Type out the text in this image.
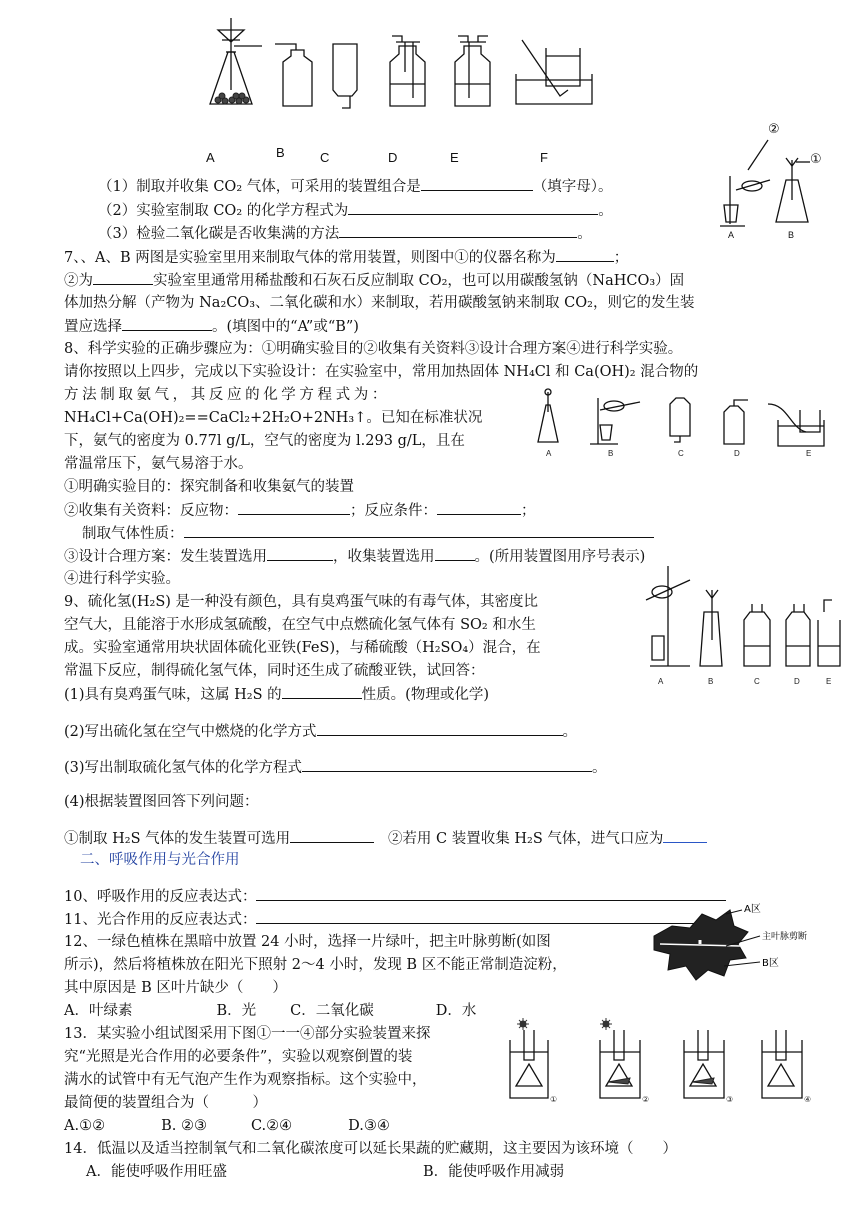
A	B	C	D	E	F
②
①
A	B
（1）制取并收集 CO₂ 气体，可采用的装置组合是	（填字母）。
（2）实验室制取 CO₂ 的化学方程式为	。
（3）检验二氧化碳是否收集满的方法	。
7、、A、B 两图是实验室里用来制取气体的常用装置，则图中①的仪器名称为	；
②为	实验室里通常用稀盐酸和石灰石反应制取 CO₂，也可以用碳酸氢钠（NaHCO₃）固
体加热分解（产物为 Na₂CO₃、二氧化碳和水）来制取，若用碳酸氢钠来制取 CO₂，则它的发生装
置应选择	。(填图中的“A”或“B”)
8、科学实验的正确步骤应为：①明确实验目的②收集有关资料③设计合理方案④进行科学实验。
请你按照以上四步，完成以下实验设计：在实验室中，常用加热固体 NH₄Cl 和 Ca(OH)₂ 混合物的
方 法 制 取 氨 气 ， 其 反 应 的 化 学 方 程 式 为 ：
NH₄Cl+Ca(OH)₂==CaCl₂+2H₂O+2NH₃↑。已知在标准状况
下，氨气的密度为 0.77l g/L，空气的密度为 l.293 g/L，且在
常温常压下，氨气易溶于水。
A	B	C	D	E
①明确实验目的：探究制备和收集氨气的装置
②收集有关资料：反应物：	；反应条件：	；
制取气体性质：
③设计合理方案：发生装置选用	，收集装置选用	。(所用装置图用序号表示)
④进行科学实验。
9、硫化氢(H₂S) 是一种没有颜色，具有臭鸡蛋气味的有毒气体，其密度比
空气大，且能溶于水形成氢硫酸，在空气中点燃硫化氢气体有 SO₂ 和水生
成。实验室通常用块状固体硫化亚铁(FeS)，与稀硫酸（H₂SO₄）混合，在
常温下反应，制得硫化氢气体，同时还生成了硫酸亚铁，试回答：
A	B	C	D	E
(1)具有臭鸡蛋气味，这属 H₂S 的	性质。(物理或化学)
(2)写出硫化氢在空气中燃烧的化学方式	。
(3)写出制取硫化氢气体的化学方程式	。
(4)根据装置图回答下列问题：
①制取 H₂S 气体的发生装置可选用	②若用 C 装置收集 H₂S 气体，进气口应为
二、呼吸作用与光合作用
10、呼吸作用的反应表达式：
11、光合作用的反应表达式：
12、一绿色植株在黑暗中放置 24 小时，选择一片绿叶，把主叶脉剪断(如图
所示)，然后将植株放在阳光下照射 2～4 小时，发现 B 区不能正常制造淀粉，
其中原因是 B 区叶片缺少（　　）
A．叶绿素	B．光 C．二氧化碳	D．水
A区
主叶脉剪断
B区
13．某实验小组试图采用下图①一一④部分实验装置来探
究“光照是光合作用的必要条件”，实验以观察倒置的装
满水的试管中有无气泡产生作为观察指标。这个实验中，
最简便的装置组合为（　　　）
A.①②	B. ②③	C.②④	D.③④
①	②	③	④
14．低温以及适当控制氧气和二氧化碳浓度可以延长果蔬的贮藏期，这主要因为该环境（　　）
A．能使呼吸作用旺盛	B．能使呼吸作用减弱
